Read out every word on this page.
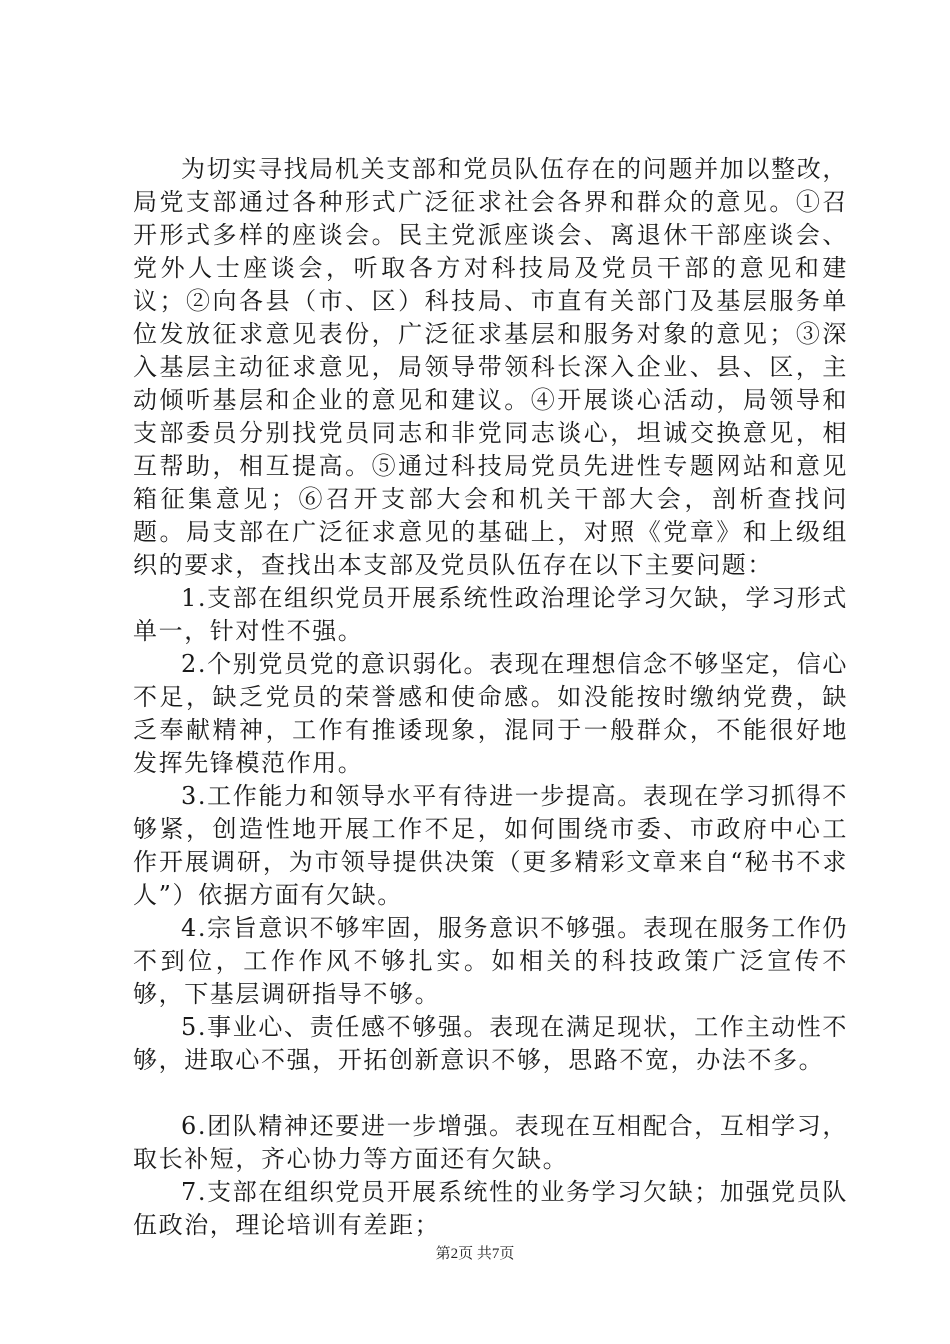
为切实寻找局机关支部和党员队伍存在的问题并加以整改，局党支部通过各种形式广泛征求社会各界和群众的意见。①召开形式多样的座谈会。民主党派座谈会、离退休干部座谈会、党外人士座谈会，听取各方对科技局及党员干部的意见和建议；②向各县（市、区）科技局、市直有关部门及基层服务单位发放征求意见表份，广泛征求基层和服务对象的意见；③深入基层主动征求意见，局领导带领科长深入企业、县、区，主动倾听基层和企业的意见和建议。④开展谈心活动，局领导和支部委员分别找党员同志和非党同志谈心，坦诚交换意见，相互帮助，相互提高。⑤通过科技局党员先进性专题网站和意见箱征集意见；⑥召开支部大会和机关干部大会，剖析查找问题。局支部在广泛征求意见的基础上，对照《党章》和上级组织的要求，查找出本支部及党员队伍存在以下主要问题：

1.支部在组织党员开展系统性政治理论学习欠缺，学习形式单一，针对性不强。

2.个别党员党的意识弱化。表现在理想信念不够坚定，信心不足，缺乏党员的荣誉感和使命感。如没能按时缴纳党费，缺乏奉献精神，工作有推诿现象，混同于一般群众，不能很好地发挥先锋模范作用。

3.工作能力和领导水平有待进一步提高。表现在学习抓得不够紧，创造性地开展工作不足，如何围绕市委、市政府中心工作开展调研，为市领导提供决策（更多精彩文章来自“秘书不求人”）依据方面有欠缺。

4.宗旨意识不够牢固，服务意识不够强。表现在服务工作仍不到位，工作作风不够扎实。如相关的科技政策广泛宣传不够，下基层调研指导不够。

5.事业心、责任感不够强。表现在满足现状，工作主动性不够，进取心不强，开拓创新意识不够，思路不宽，办法不多。

6.团队精神还要进一步增强。表现在互相配合，互相学习，取长补短，齐心协力等方面还有欠缺。

7.支部在组织党员开展系统性的业务学习欠缺；加强党员队伍政治，理论培训有差距；

第2页 共7页
